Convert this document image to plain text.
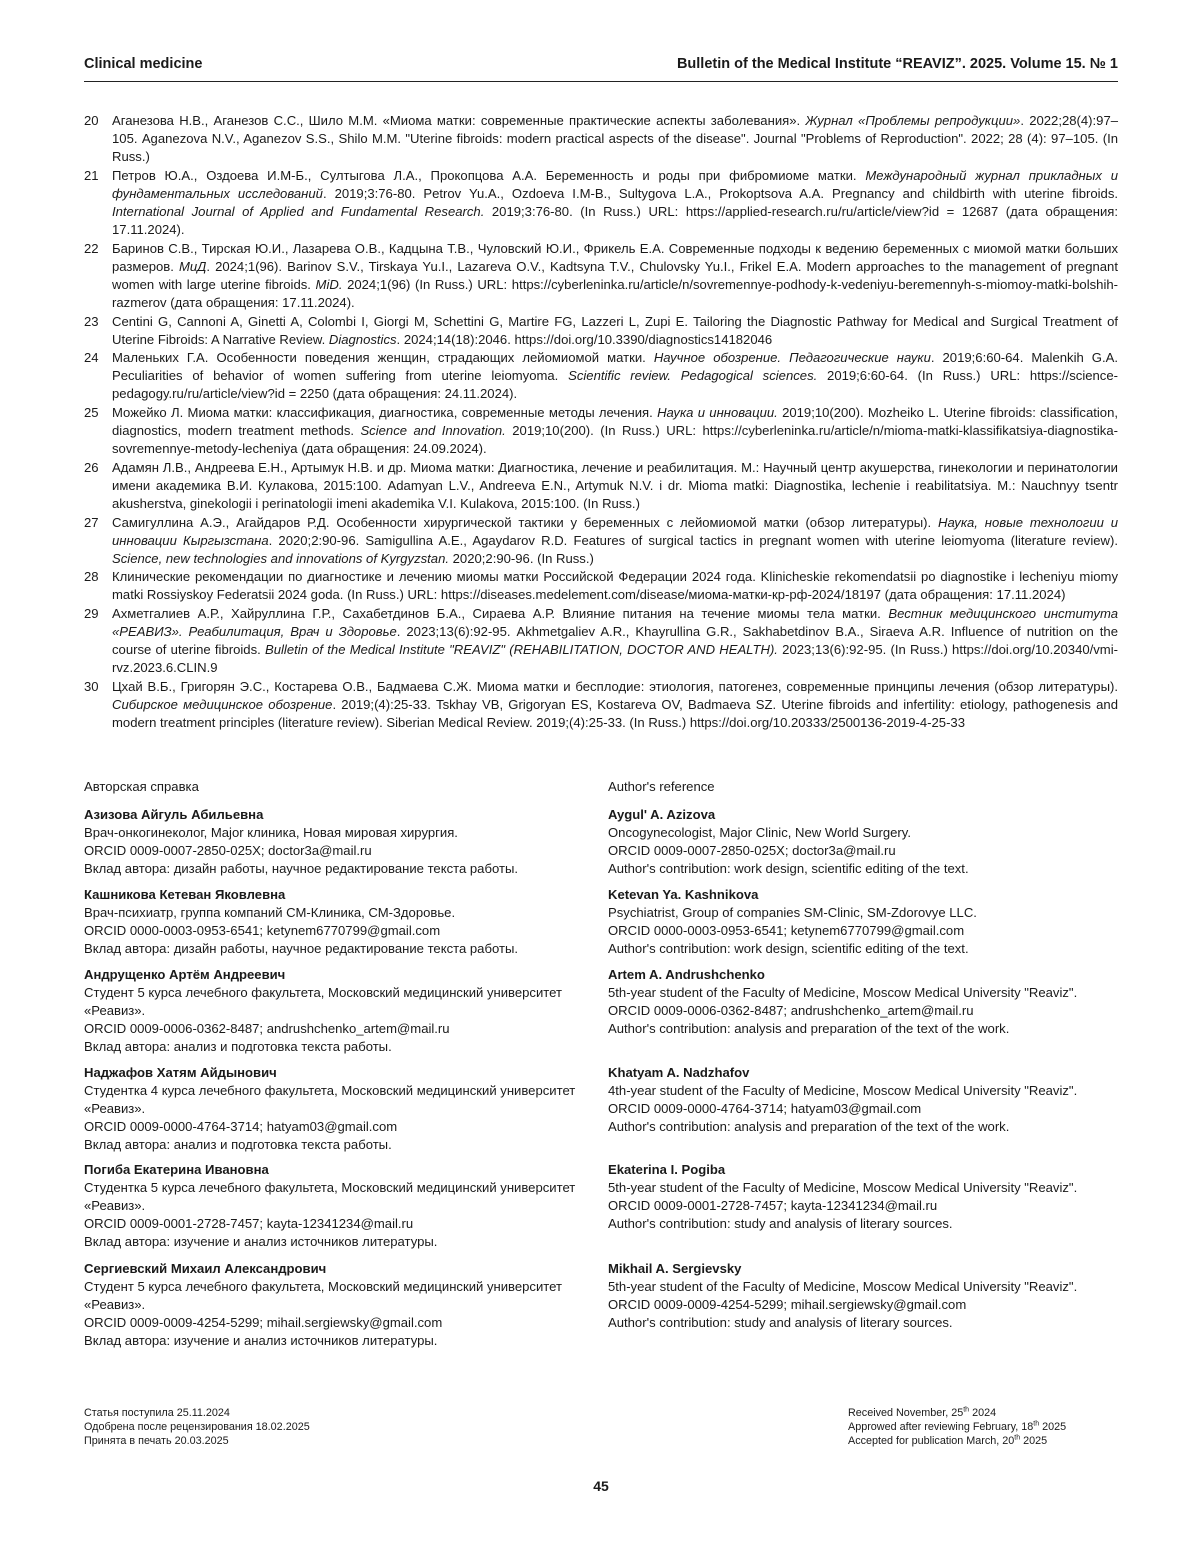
Clinical medicine	Bulletin of the Medical Institute “REAVIZ”. 2025. Volume 15. № 1
20	Аганезова Н.В., Аганезов С.С., Шило М.М. «Миома матки: современные практические аспекты заболевания». Журнал «Проблемы репродукции». 2022;28(4):97–105. Aganezova N.V., Aganezov S.S., Shilo M.M. "Uterine fibroids: modern practical aspects of the disease". Journal "Problems of Reproduction". 2022; 28 (4): 97–105. (In Russ.)
21	Петров Ю.А., Оздоева И.М-Б., Султыгова Л.А., Прокопцова А.А. Беременность и роды при фибромиоме матки. Международный журнал прикладных и фундаментальных исследований. 2019;3:76-80. Petrov Yu.A., Ozdoeva I.M-B., Sultygova L.A., Prokoptsova A.A. Pregnancy and childbirth with uterine fibroids. International Journal of Applied and Fundamental Research. 2019;3:76-80. (In Russ.) URL: https://applied-research.ru/ru/article/view?id = 12687 (дата обращения: 17.11.2024).
22	Баринов С.В., Тирская Ю.И., Лазарева О.В., Кадцына Т.В., Чуловский Ю.И., Фрикель Е.А. Современные подходы к ведению беременных с миомой матки больших размеров. МиД. 2024;1(96). Barinov S.V., Tirskaya Yu.I., Lazareva O.V., Kadtsyna T.V., Chulovsky Yu.I., Frikel E.A. Modern approaches to the management of pregnant women with large uterine fibroids. MiD. 2024;1(96) (In Russ.) URL: https://cyberleninka.ru/article/n/sovremennye-podhody-k-vedeniyu-beremennyh-s-miomoy-matki-bolshih-razmerov (дата обращения: 17.11.2024).
23	Centini G, Cannoni A, Ginetti A, Colombi I, Giorgi M, Schettini G, Martire FG, Lazzeri L, Zupi E. Tailoring the Diagnostic Pathway for Medical and Surgical Treatment of Uterine Fibroids: A Narrative Review. Diagnostics. 2024;14(18):2046. https://doi.org/10.3390/diagnostics14182046
24	Маленьких Г.А. Особенности поведения женщин, страдающих лейомиомой матки. Научное обозрение. Педагогические науки. 2019;6:60-64. Malenkih G.A. Peculiarities of behavior of women suffering from uterine leiomyoma. Scientific review. Pedagogical sciences. 2019;6:60-64. (In Russ.) URL: https://science-pedagogy.ru/ru/article/view?id = 2250 (дата обращения: 24.11.2024).
25	Можейко Л. Миома матки: классификация, диагностика, современные методы лечения. Наука и инновации. 2019;10(200). Mozheiko L. Uterine fibroids: classification, diagnostics, modern treatment methods. Science and Innovation. 2019;10(200). (In Russ.) URL: https://cyberleninka.ru/article/n/mioma-matki-klassifikatsiya-diagnostika-sovremennye-metody-lecheniya (дата обращения: 24.09.2024).
26	Адамян Л.В., Андреева Е.Н., Артымук Н.В. и др. Миома матки: Диагностика, лечение и реабилитация. М.: Научный центр акушерства, гинекологии и перинатологии имени академика В.И. Кулакова, 2015:100. Adamyan L.V., Andreeva E.N., Artymuk N.V. i dr. Mioma matki: Diagnostika, lechenie i reabilitatsiya. M.: Nauchnyy tsentr akusherstva, ginekologii i perinatologii imeni akademika V.I. Kulakova, 2015:100. (In Russ.)
27	Самигуллина А.Э., Агайдаров Р.Д. Особенности хирургической тактики у беременных с лейомиомой матки (обзор литературы). Наука, новые технологии и инновации Кыргызстана. 2020;2:90-96. Samigullina A.E., Agaydarov R.D. Features of surgical tactics in pregnant women with uterine leiomyoma (literature review). Science, new technologies and innovations of Kyrgyzstan. 2020;2:90-96. (In Russ.)
28	Клинические рекомендации по диагностике и лечению миомы матки Российской Федерации 2024 года. Klinicheskie rekomendatsii po diagnostike i lecheniyu miomy matki Rossiyskoy Federatsii 2024 goda. (In Russ.) URL: https://diseases.medelement.com/disease/миома-матки-кр-рф-2024/18197 (дата обращения: 17.11.2024)
29	Ахметгалиев А.Р., Хайруллина Г.Р., Сахабетдинов Б.А., Сираева А.Р. Влияние питания на течение миомы тела матки. Вестник медицинского института «РЕАВИЗ». Реабилитация, Врач и Здоровье. 2023;13(6):92-95. Akhmetgaliev A.R., Khayrullina G.R., Sakhabetdinov B.A., Siraeva A.R. Influence of nutrition on the course of uterine fibroids. Bulletin of the Medical Institute "REAVIZ" (REHABILITATION, DOCTOR AND HEALTH). 2023;13(6):92-95. (In Russ.) https://doi.org/10.20340/vmi-rvz.2023.6.CLIN.9
30	Цхай В.Б., Григорян Э.С., Костарева О.В., Бадмаева С.Ж. Миома матки и бесплодие: этиология, патогенез, современные принципы лечения (обзор литературы). Сибирское медицинское обозрение. 2019;(4):25-33. Tskhay VB, Grigoryan ES, Kostareva OV, Badmaeva SZ. Uterine fibroids and infertility: etiology, pathogenesis and modern treatment principles (literature review). Siberian Medical Review. 2019;(4):25-33. (In Russ.) https://doi.org/10.20333/2500136-2019-4-25-33
Авторская справка
Азизова Айгуль Абильевна
Врач-онкогинеколог, Major клиника, Новая мировая хирургия.
ORCID 0009-0007-2850-025X; doctor3a@mail.ru
Вклад автора: дизайн работы, научное редактирование текста работы.
Кашникова Кетеван Яковлевна
Врач-психиатр, группа компаний СМ-Клиника, СМ-Здоровье.
ORCID 0000-0003-0953-6541; ketynem6770799@gmail.com
Вклад автора: дизайн работы, научное редактирование текста работы.
Андрущенко Артём Андреевич
Студент 5 курса лечебного факультета, Московский медицинский университет «Реавиз».
ORCID 0009-0006-0362-8487; andrushchenko_artem@mail.ru
Вклад автора: анализ и подготовка текста работы.
Наджафов Хатям Айдынович
Студентка 4 курса лечебного факультета, Московский медицинский университет «Реавиз».
ORCID 0009-0000-4764-3714; hatyam03@gmail.com
Вклад автора: анализ и подготовка текста работы.
Погиба Екатерина Ивановна
Студентка 5 курса лечебного факультета, Московский медицинский университет «Реавиз».
ORCID 0009-0001-2728-7457; kayta-12341234@mail.ru
Вклад автора: изучение и анализ источников литературы.
Сергиевский Михаил Александрович
Студент 5 курса лечебного факультета, Московский медицинский университет «Реавиз».
ORCID 0009-0009-4254-5299; mihail.sergiewsky@gmail.com
Вклад автора: изучение и анализ источников литературы.
Author's reference
Aygul' A. Azizova
Oncogynecologist, Major Clinic, New World Surgery.
ORCID 0009-0007-2850-025X; doctor3a@mail.ru
Author's contribution: work design, scientific editing of the text.
Ketevan Ya. Kashnikova
Psychiatrist, Group of companies SM-Clinic, SM-Zdorovye LLC.
ORCID 0000-0003-0953-6541; ketynem6770799@gmail.com
Author's contribution: work design, scientific editing of the text.
Artem A. Andrushchenko
5th-year student of the Faculty of Medicine, Moscow Medical University "Reaviz".
ORCID 0009-0006-0362-8487; andrushchenko_artem@mail.ru
Author's contribution: analysis and preparation of the text of the work.
Khatyam A. Nadzhafov
4th-year student of the Faculty of Medicine, Moscow Medical University "Reaviz".
ORCID 0009-0000-4764-3714; hatyam03@gmail.com
Author's contribution: analysis and preparation of the text of the work.
Ekaterina I. Pogiba
5th-year student of the Faculty of Medicine, Moscow Medical University "Reaviz".
ORCID 0009-0001-2728-7457; kayta-12341234@mail.ru
Author's contribution: study and analysis of literary sources.
Mikhail A. Sergievsky
5th-year student of the Faculty of Medicine, Moscow Medical University "Reaviz".
ORCID 0009-0009-4254-5299; mihail.sergiewsky@gmail.com
Author's contribution: study and analysis of literary sources.
Статья поступила 25.11.2024
Одобрена после рецензирования 18.02.2025
Принята в печать 20.03.2025
Received November, 25th 2024
Approwed after reviewing February, 18th 2025
Accepted for publication March, 20th 2025
45
